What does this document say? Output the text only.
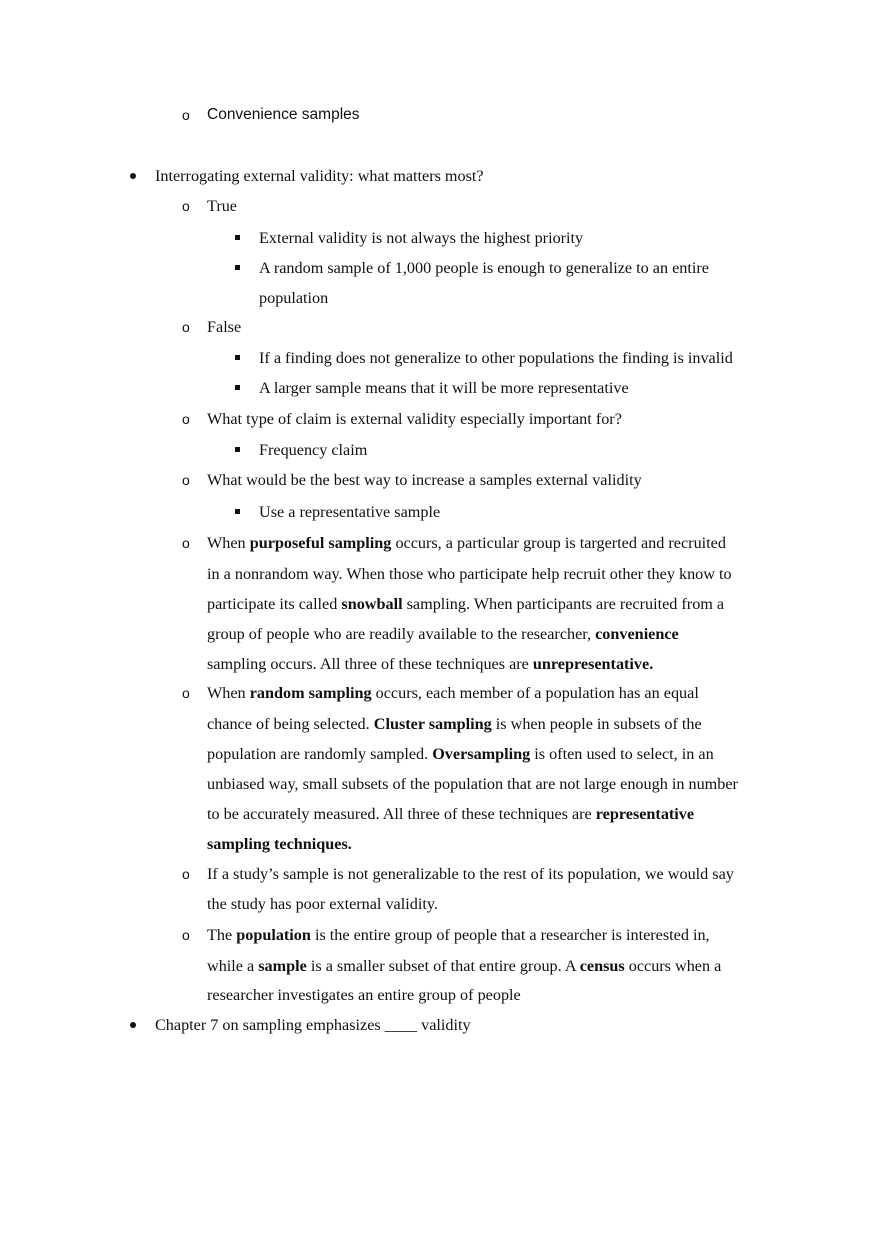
o Convenience samples
Interrogating external validity: what matters most?
o True
External validity is not always the highest priority
A random sample of 1,000 people is enough to generalize to an entire
population
o False
If a finding does not generalize to other populations the finding is invalid
A larger sample means that it will be more representative
o What type of claim is external validity especially important for?
Frequency claim
o What would be the best way to increase a samples external validity
Use a representative sample
o When purposeful sampling occurs, a particular group is targerted and recruited
in a nonrandom way. When those who participate help recruit other they know to
participate its called snowball sampling. When participants are recruited from a
group of people who are readily available to the researcher, convenience
sampling occurs. All three of these techniques are unrepresentative.
o When random sampling occurs, each member of a population has an equal
chance of being selected. Cluster sampling is when people in subsets of the
population are randomly sampled. Oversampling is often used to select, in an
unbiased way, small subsets of the population that are not large enough in number
to be accurately measured. All three of these techniques are representative
sampling techniques.
o If a study’s sample is not generalizable to the rest of its population, we would say
the study has poor external validity.
o The population is the entire group of people that a researcher is interested in,
while a sample is a smaller subset of that entire group. A census occurs when a
researcher investigates an entire group of people
Chapter 7 on sampling emphasizes ____ validity
